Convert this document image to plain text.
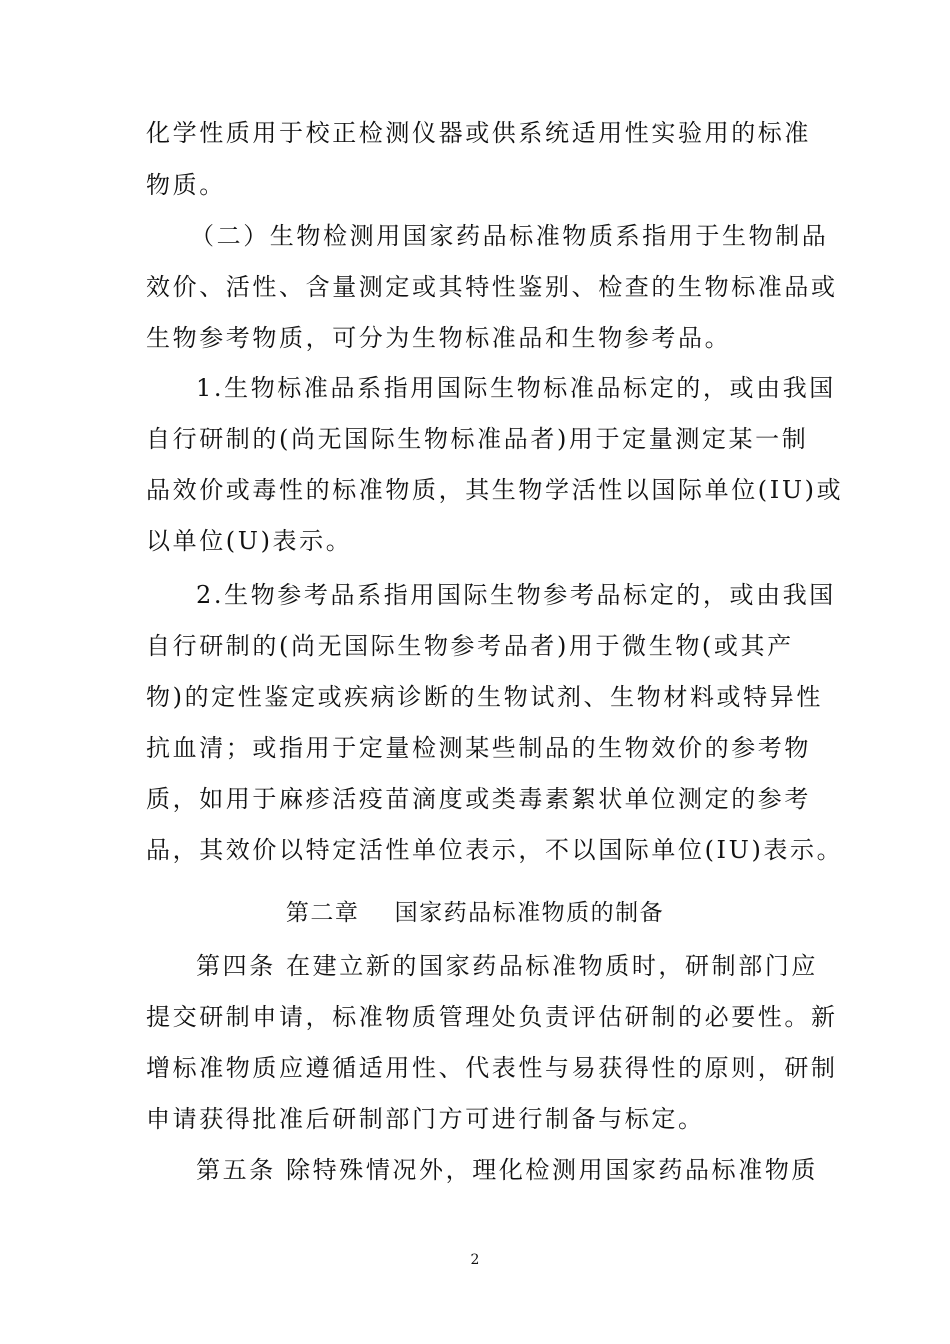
化学性质用于校正检测仪器或供系统适用性实验用的标准
物质。
（二）生物检测用国家药品标准物质系指用于生物制品
效价、活性、含量测定或其特性鉴别、检查的生物标准品或
生物参考物质，可分为生物标准品和生物参考品。
1.生物标准品系指用国际生物标准品标定的，或由我国
自行研制的(尚无国际生物标准品者)用于定量测定某一制
品效价或毒性的标准物质，其生物学活性以国际单位(IU)或
以单位(U)表示。
2.生物参考品系指用国际生物参考品标定的，或由我国
自行研制的(尚无国际生物参考品者)用于微生物(或其产
物)的定性鉴定或疾病诊断的生物试剂、生物材料或特异性
抗血清；或指用于定量检测某些制品的生物效价的参考物
质，如用于麻疹活疫苗滴度或类毒素絮状单位测定的参考
品，其效价以特定活性单位表示，不以国际单位(IU)表示。
第二章    国家药品标准物质的制备
第四条 在建立新的国家药品标准物质时，研制部门应
提交研制申请，标准物质管理处负责评估研制的必要性。新
增标准物质应遵循适用性、代表性与易获得性的原则，研制
申请获得批准后研制部门方可进行制备与标定。
第五条 除特殊情况外，理化检测用国家药品标准物质
2
